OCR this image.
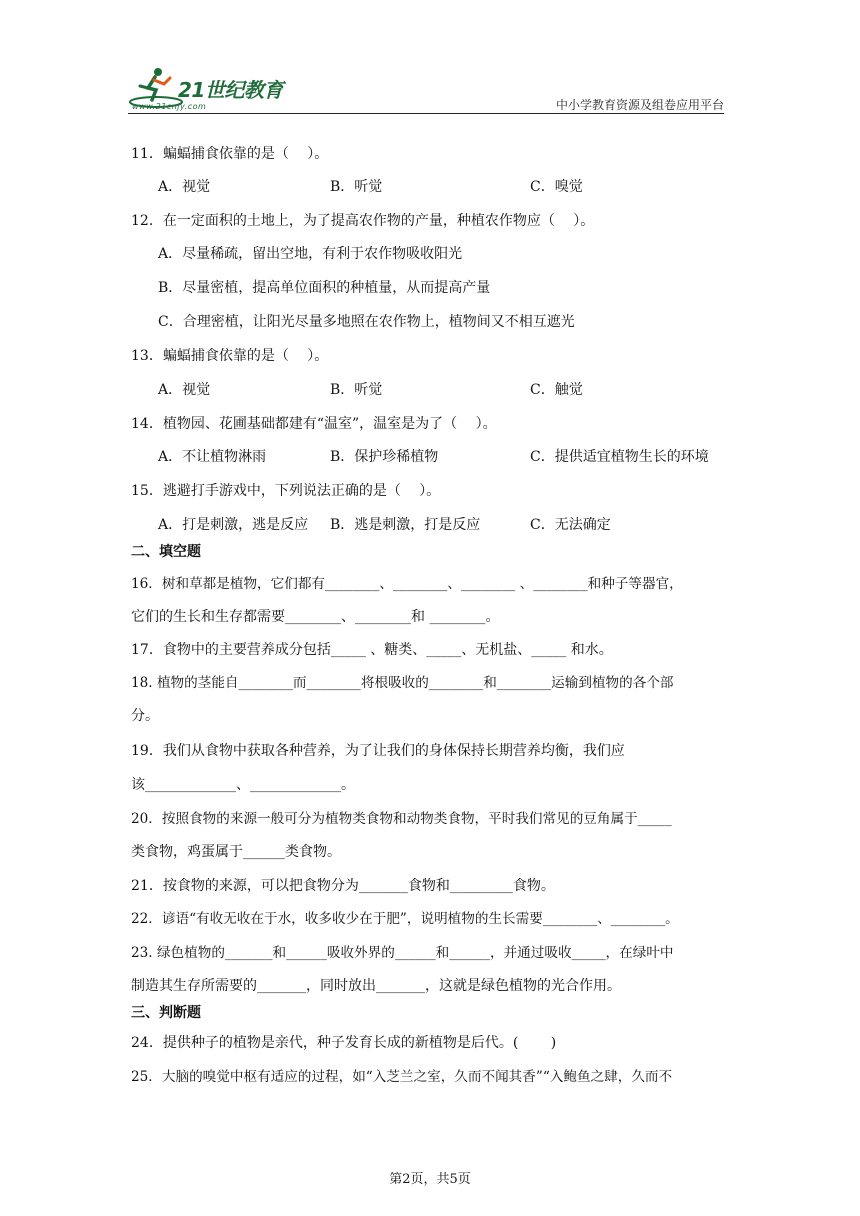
21世纪教育
www.21cnjy.com	中小学教育资源及组卷应用平台
11．蝙蝠捕食依靠的是（　 ）。
A．视觉	B．听觉	C．嗅觉
12．在一定面积的土地上，为了提高农作物的产量，种植农作物应（　 ）。
A．尽量稀疏，留出空地，有利于农作物吸收阳光
B．尽量密植，提高单位面积的种植量，从而提高产量
C．合理密植，让阳光尽量多地照在农作物上，植物间又不相互遮光
13．蝙蝠捕食依靠的是（　 ）。
A．视觉	B．听觉	C．触觉
14．植物园、花圃基础都建有“温室”，温室是为了（　 ）。
A．不让植物淋雨	B．保护珍稀植物	C．提供适宜植物生长的环境
15．逃避打手游戏中，下列说法正确的是（　 ）。
A．打是刺激，逃是反应 B．逃是刺激，打是反应	C．无法确定
二、填空题
16．树和草都是植物，它们都有________、________、________ 、________和种子等器官，
它们的生长和生存都需要________、________和 ________。
17．食物中的主要营养成分包括_____ 、糖类、_____、无机盐、_____ 和水。
18. 植物的茎能自________而________将根吸收的________和________运输到植物的各个部
分。
19．我们从食物中获取各种营养，为了让我们的身体保持长期营养均衡，我们应
该_____________、_____________。
20．按照食物的来源一般可分为植物类食物和动物类食物，平时我们常见的豆角属于_____
类食物，鸡蛋属于______类食物。
21．按食物的来源，可以把食物分为_______食物和_________食物。
22．谚语“有收无收在于水，收多收少在于肥”，说明植物的生长需要________、________。
23. 绿色植物的_______和______吸收外界的______和______，并通过吸收_____，在绿叶中
制造其生存所需要的_______，同时放出_______，这就是绿色植物的光合作用。
三、判断题
24．提供种子的植物是亲代，种子发育长成的新植物是后代。(　　 )
25．大脑的嗅觉中枢有适应的过程，如“入芝兰之室，久而不闻其香”“入鲍鱼之肆，久而不
第2页，共5页
